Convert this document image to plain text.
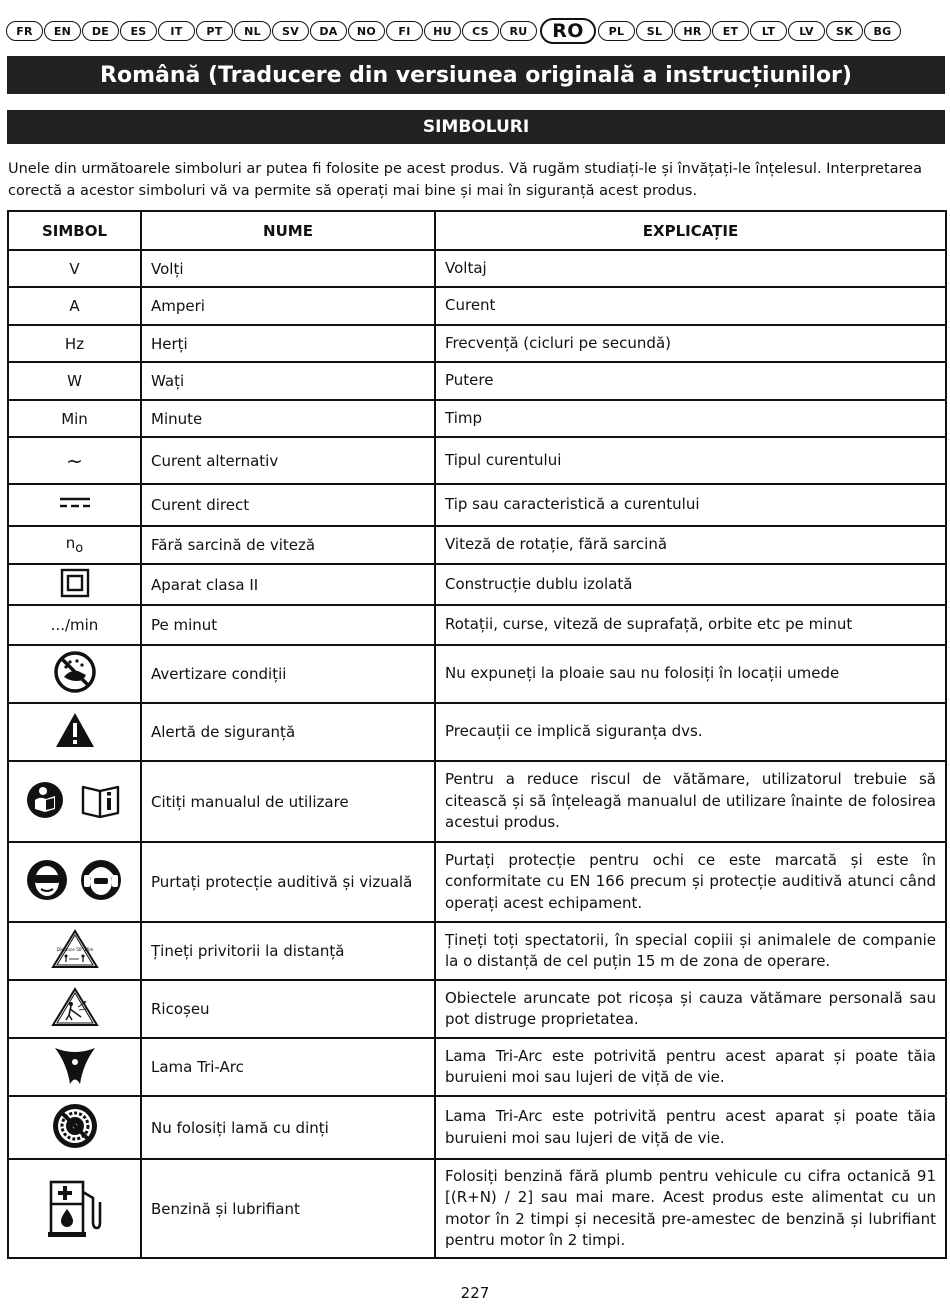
FR	EN	DE	ES	IT	PT	NL	SV	DA	NO	FI	HU	CS	RU	RO	PL	SL	HR	ET	LT	LV	SK	BG
Română (Traducere din versiunea originală a instrucțiunilor)
SIMBOLURI

Unele din următoarele simboluri ar putea fi folosite pe acest produs. Vă rugăm studiați-le și învățați-le înțelesul. Interpretarea corectă a acestor simboluri vă va permite să operați mai bine și mai în siguranță acest produs.

SIMBOL	NUME	EXPLICAȚIE
V	Volți	Voltaj
A	Amperi	Curent
Hz	Herți	Frecvență (cicluri pe secundă)
W	Wați	Putere
Min	Minute	Timp
~	Curent alternativ	Tipul curentului

	Curent direct	Tip sau caracteristică a curentului
$n_o$	Fără sarcină de viteză	Viteză de rotație, fără sarcină

	Aparat clasa II	Construcție dublu izolată
.../min	Pe minut	Rotații, curse, viteză de suprafață, orbite etc pe minut

	Avertizare condiții	Nu expuneți la ploaie sau nu folosiți în locații umede

	Alertă de siguranță	Precauții ce implică siguranța dvs.

	Citiți manualul de utilizare	Pentru a reduce riscul de vătămare, utilizatorul trebuie să citească și să înțeleagă manualul de utilizare înainte de folosirea acestui produs.

	Purtați protecție auditivă și vizuală	Purtați protecție pentru ochi ce este marcată și este în conformitate cu EN 166 precum și protecție auditivă atunci când operați acest echipament.

Distance 50' 15m	Țineți privitorii la distanță	Țineți toți spectatorii, în special copiii și animalele de companie la o distanță de cel puțin 15 m de zona de operare.

	Ricoșeu	Obiectele aruncate pot ricoșa și cauza vătămare personală sau pot distruge proprietatea.

	Lama Tri-Arc	Lama Tri-Arc este potrivită pentru acest aparat și poate tăia buruieni moi sau lujeri de viță de vie.

	Nu folosiți lamă cu dinți	Lama Tri-Arc este potrivită pentru acest aparat și poate tăia buruieni moi sau lujeri de viță de vie.

	Benzină și lubrifiant	Folosiți benzină fără plumb pentru vehicule cu cifra octanică 91 [(R+N) / 2] sau mai mare. Acest produs este alimentat cu un motor în 2 timpi și necesită pre-amestec de benzină și lubrifiant pentru motor în 2 timpi.
227
